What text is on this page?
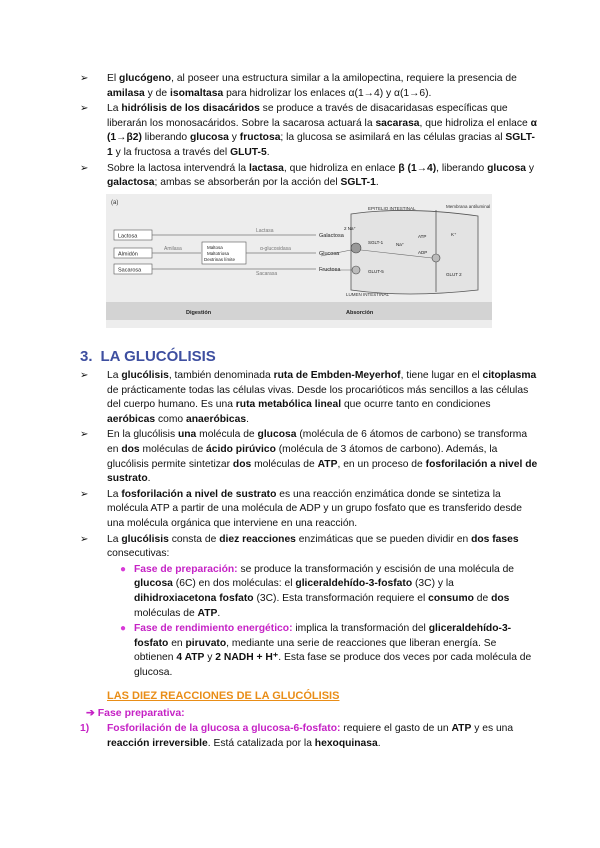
➢ El glucógeno, al poseer una estructura similar a la amilopectina, requiere la presencia de amilasa y de isomaltasa para hidrolizar los enlaces α(1→4) y α(1→6).
➢ La hidrólisis de los disacáridos se produce a través de disacaridasas específicas que liberarán los monosacáridos. Sobre la sacarosa actuará la sacarasa, que hidroliza el enlace α (1→β2) liberando glucosa y fructosa; la glucosa se asimilará en las células gracias al SGLT-1 y la fructosa a través del GLUT-5.
➢ Sobre la lactosa intervendrá la lactasa, que hidroliza en enlace β (1→4), liberando glucosa y galactosa; ambas se absorberán por la acción del SGLT-1.
(a)
Lactosa
Almidón
Sacarosa
Lactasa
Amilasa	Maltosa
Maltotriosa
Dextrinas límite
α-glucosidasa
Sacarasa
Galactosa
Glucosa
Fructosa
EPITELIO INTESTINAL	Membrana antiluminal
SGLT-1
GLUT-5
GLUT 2
2 Na⁺
Na⁺
ATP
ADP
K⁺
LUMEN INTESTINAL
Digestión	Absorción
3. LA GLUCÓLISIS
➢ La glucólisis, también denominada ruta de Embden-Meyerhof, tiene lugar en el citoplasma de prácticamente todas las células vivas. Desde los procarióticos más sencillos a las células del cuerpo humano. Es una ruta metabólica lineal que ocurre tanto en condiciones aeróbicas como anaeróbicas.
➢ En la glucólisis una molécula de glucosa (molécula de 6 átomos de carbono) se transforma en dos moléculas de ácido pirúvico (molécula de 3 átomos de carbono). Además, la glucólisis permite sintetizar dos moléculas de ATP, en un proceso de fosforilación a nivel de sustrato.
➢ La fosforilación a nivel de sustrato es una reacción enzimática donde se sintetiza la molécula ATP a partir de una molécula de ADP y un grupo fosfato que es transferido desde una molécula orgánica que interviene en una reacción.
➢ La glucólisis consta de diez reacciones enzimáticas que se pueden dividir en dos fases consecutivas:
● Fase de preparación: se produce la transformación y escisión de una molécula de glucosa (6C) en dos moléculas: el gliceraldehído-3-fosfato (3C) y la dihidroxiacetona fosfato (3C). Esta transformación requiere el consumo de dos moléculas de ATP.
● Fase de rendimiento energético: implica la transformación del gliceraldehído-3-fosfato en piruvato, mediante una serie de reacciones que liberan energía. Se obtienen 4 ATP y 2 NADH + H⁺. Esta fase se produce dos veces por cada molécula de glucosa.
LAS DIEZ REACCIONES DE LA GLUCÓLISIS
➔ Fase preparativa:
1) Fosforilación de la glucosa a glucosa-6-fosfato: requiere el gasto de un ATP y es una reacción irreversible. Está catalizada por la hexoquinasa.
